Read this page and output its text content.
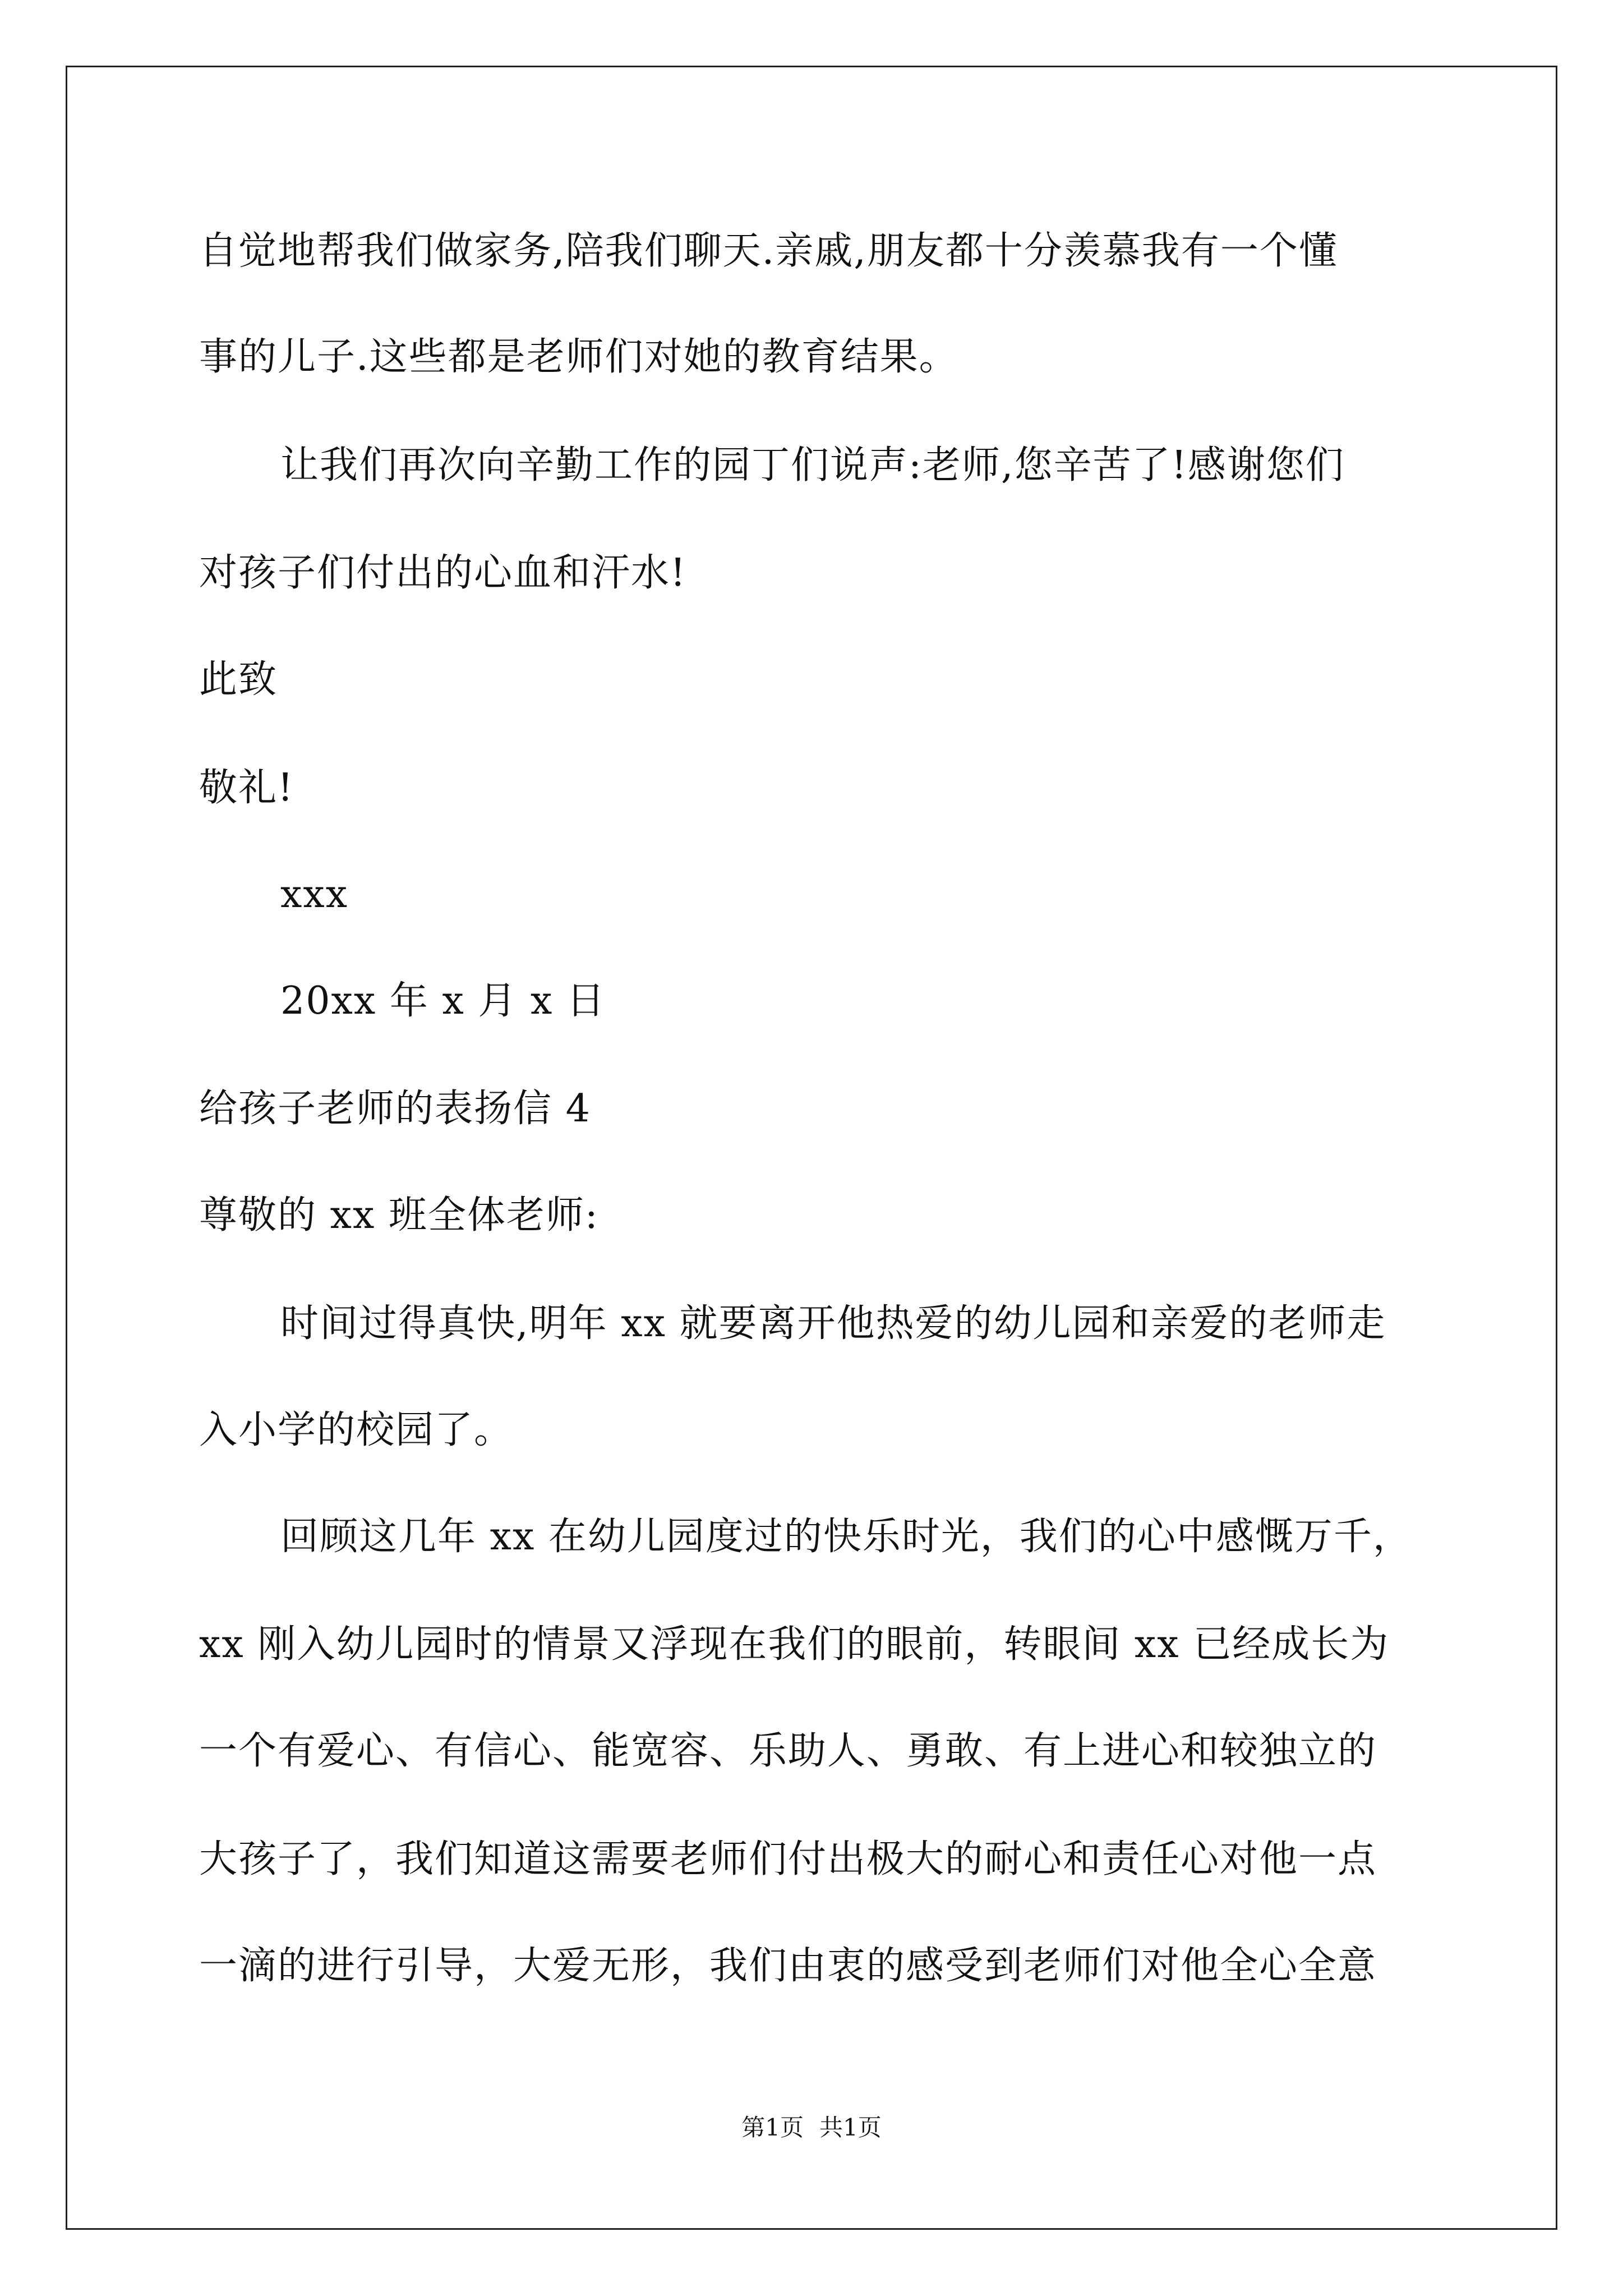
自觉地帮我们做家务,陪我们聊天.亲戚,朋友都十分羡慕我有一个懂
事的儿子.这些都是老师们对她的教育结果。
让我们再次向辛勤工作的园丁们说声:老师,您辛苦了!感谢您们
对孩子们付出的心血和汗水!
此致
敬礼!
xxx
20xx 年 x 月 x 日
给孩子老师的表扬信 4
尊敬的 xx 班全体老师:
时间过得真快,明年 xx 就要离开他热爱的幼儿园和亲爱的老师走
入小学的校园了。
回顾这几年 xx 在幼儿园度过的快乐时光，我们的心中感慨万千，
xx 刚入幼儿园时的情景又浮现在我们的眼前，转眼间 xx 已经成长为
一个有爱心、有信心、能宽容、乐助人、勇敢、有上进心和较独立的
大孩子了，我们知道这需要老师们付出极大的耐心和责任心对他一点
一滴的进行引导，大爱无形，我们由衷的感受到老师们对他全心全意
第1页 共1页
